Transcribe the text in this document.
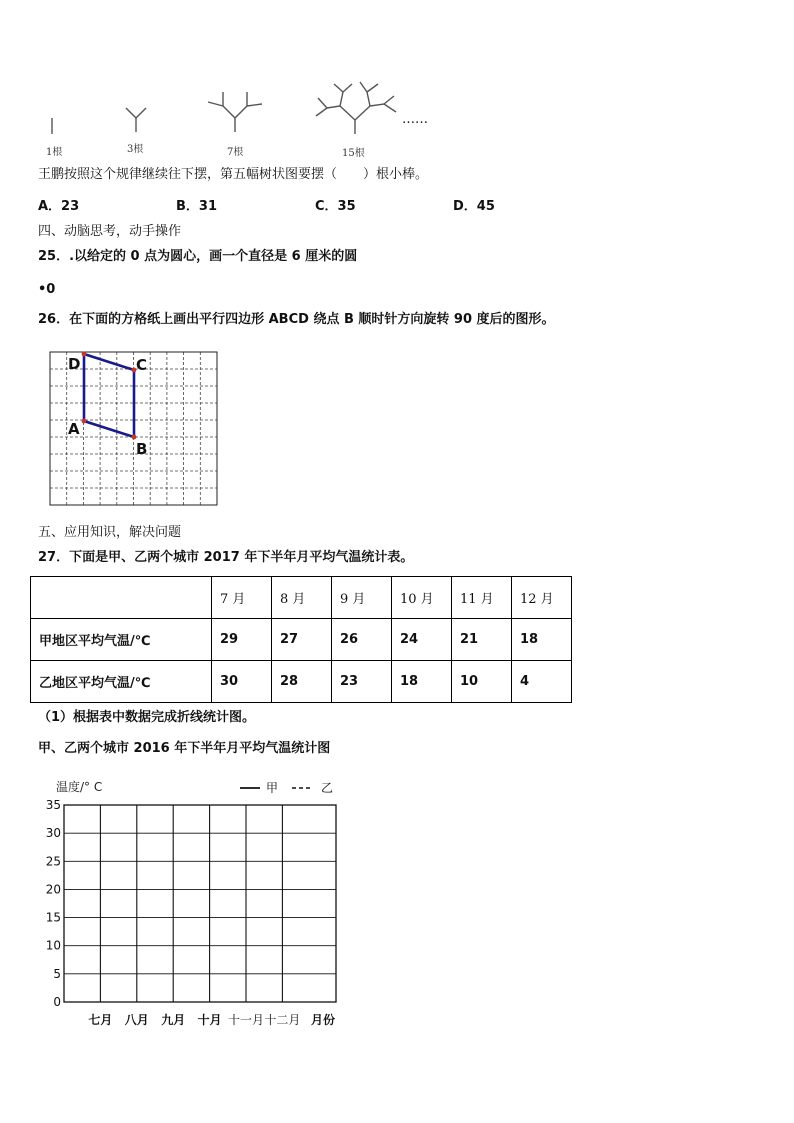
1根	3根	7根	15根
……
王鹏按照这个规律继续往下摆，第五幅树状图要摆（　　）根小棒。
A．23	B．31	C．35	D．45
四、动脑思考，动手操作
25．.以给定的 0 点为圆心，画一个直径是 6 厘米的圆
•0
26．在下面的方格纸上画出平行四边形 ABCD 绕点 B 顺时针方向旋转 90 度后的图形。
D	C
A
B
五、应用知识，解决问题
27．下面是甲、乙两个城市 2017 年下半年月平均气温统计表。
	7 月	8 月	9 月	10 月	11 月	12 月
甲地区平均气温/℃	29	27	26	24	21	18
乙地区平均气温/℃	30	28	23	18	10	4
（1）根据表中数据完成折线统计图。
甲、乙两个城市 2016 年下半年月平均气温统计图
温度/° C	甲	乙
35
30
25
20
15
10
5
0
七月 八月 九月 十月 十一月 十二月 月份
